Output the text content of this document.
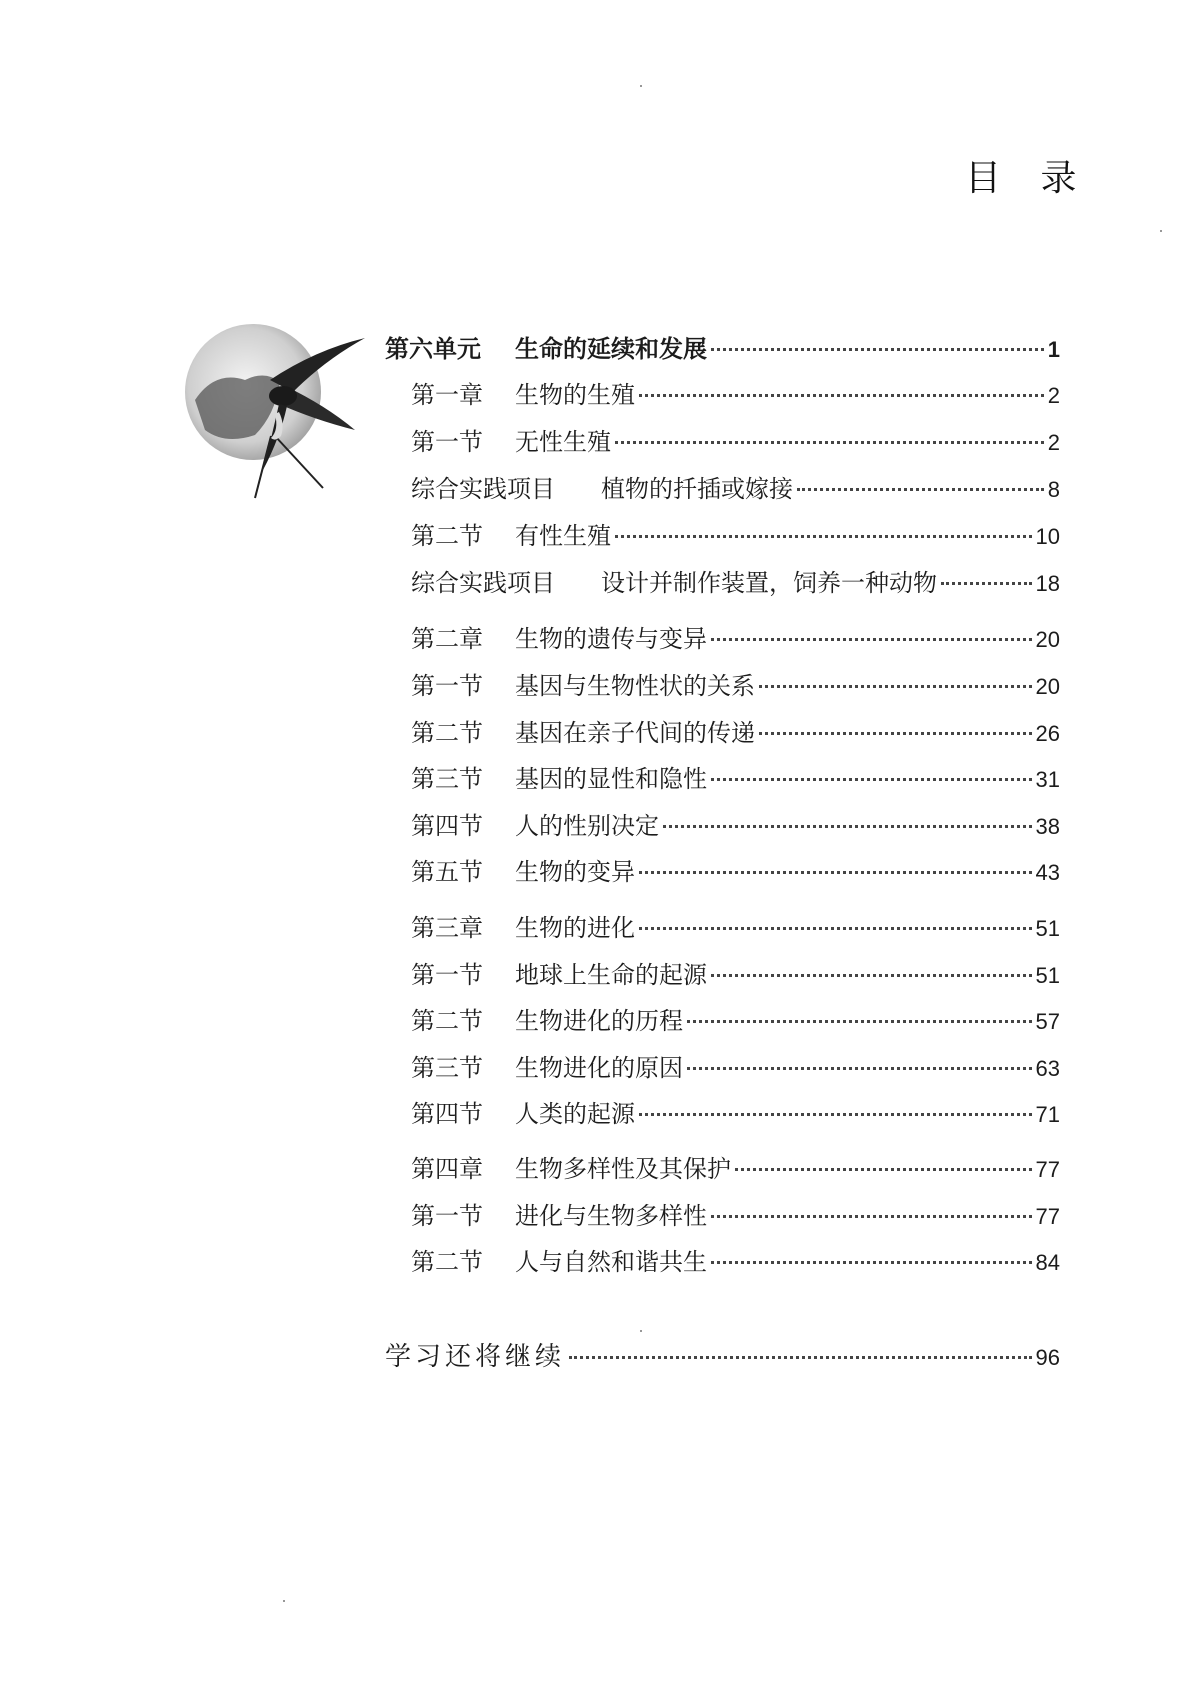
目 录
第六单元	生命的延续和发展	1
第一章	生物的生殖	2
第一节	无性生殖	2
综合实践项目	植物的扦插或嫁接	8
第二节	有性生殖	10
综合实践项目	设计并制作装置，饲养一种动物	18
第二章	生物的遗传与变异	20
第一节	基因与生物性状的关系	20
第二节	基因在亲子代间的传递	26
第三节	基因的显性和隐性	31
第四节	人的性别决定	38
第五节	生物的变异	43
第三章	生物的进化	51
第一节	地球上生命的起源	51
第二节	生物进化的历程	57
第三节	生物进化的原因	63
第四节	人类的起源	71
第四章	生物多样性及其保护	77
第一节	进化与生物多样性	77
第二节	人与自然和谐共生	84
学习还将继续	96
